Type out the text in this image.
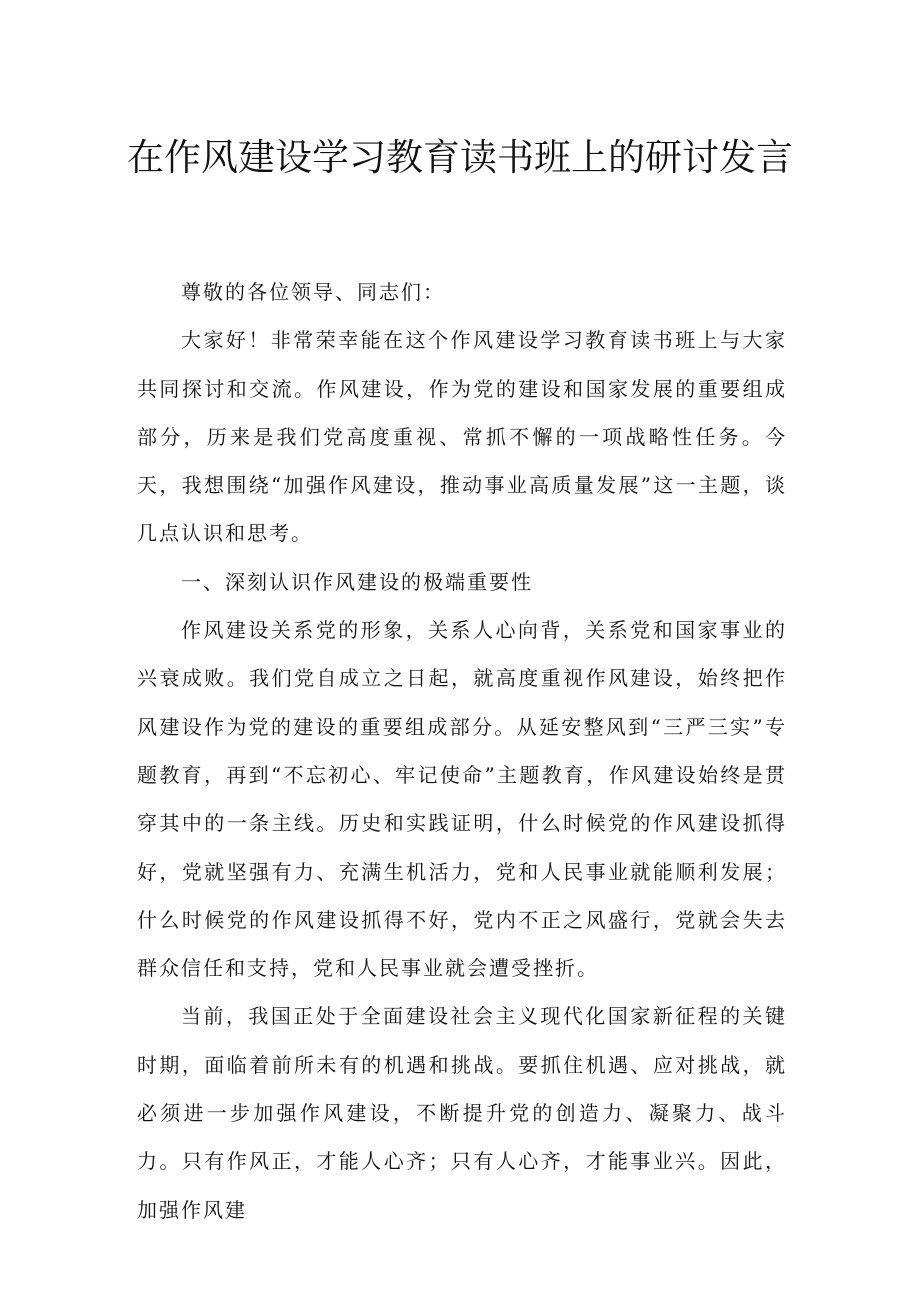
在作风建设学习教育读书班上的研讨发言

尊敬的各位领导、同志们：

大家好！非常荣幸能在这个作风建设学习教育读书班上与大家共同探讨和交流。作风建设，作为党的建设和国家发展的重要组成部分，历来是我们党高度重视、常抓不懈的一项战略性任务。今天，我想围绕“加强作风建设，推动事业高质量发展”这一主题，谈几点认识和思考。

一、深刻认识作风建设的极端重要性

作风建设关系党的形象，关系人心向背，关系党和国家事业的兴衰成败。我们党自成立之日起，就高度重视作风建设，始终把作风建设作为党的建设的重要组成部分。从延安整风到“三严三实”专题教育，再到“不忘初心、牢记使命”主题教育，作风建设始终是贯穿其中的一条主线。历史和实践证明，什么时候党的作风建设抓得好，党就坚强有力、充满生机活力，党和人民事业就能顺利发展；什么时候党的作风建设抓得不好，党内不正之风盛行，党就会失去群众信任和支持，党和人民事业就会遭受挫折。

当前，我国正处于全面建设社会主义现代化国家新征程的关键时期，面临着前所未有的机遇和挑战。要抓住机遇、应对挑战，就必须进一步加强作风建设，不断提升党的创造力、凝聚力、战斗力。只有作风正，才能人心齐；只有人心齐，才能事业兴。因此，加强作风建
